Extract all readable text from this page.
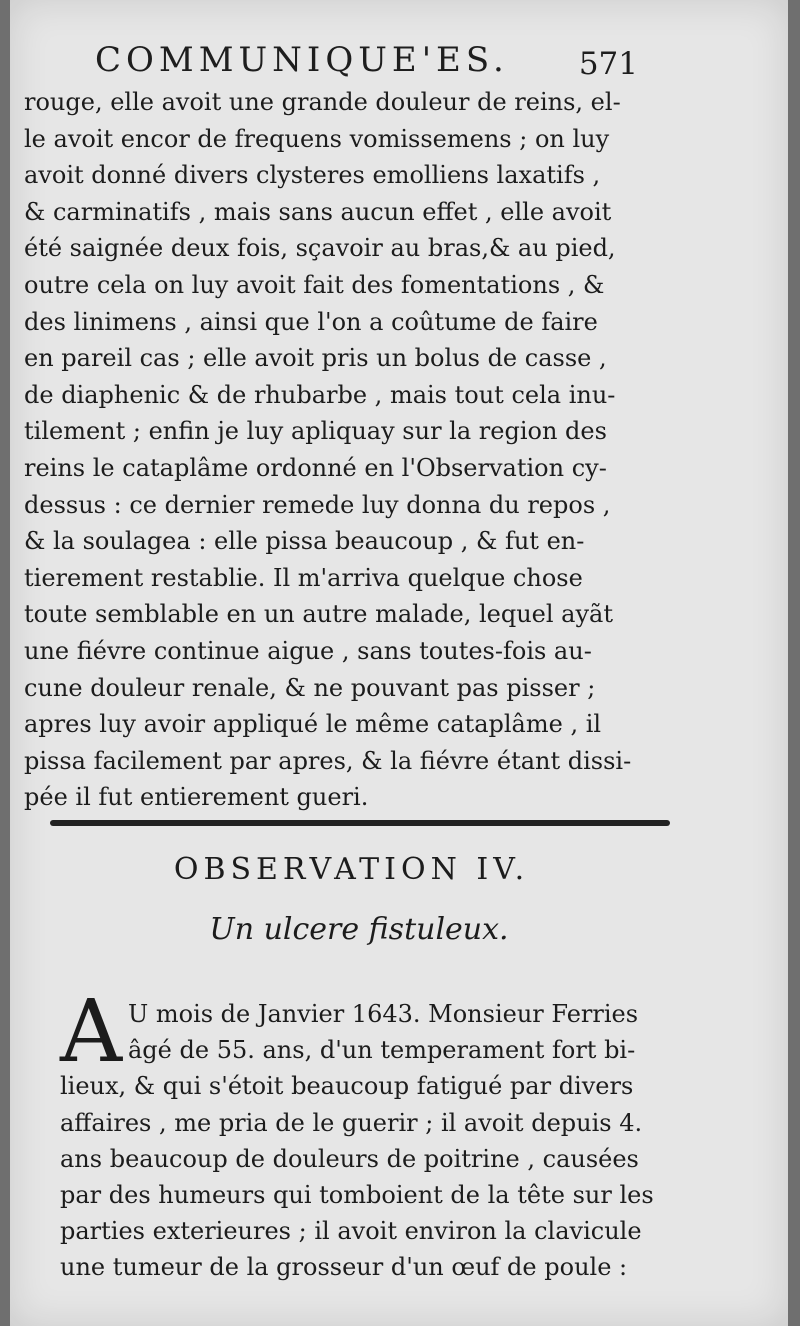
COMMUNIQUE'ES. 571
rouge, elle avoit une grande douleur de reins, el-
le avoit encor de frequens vomissemens ; on luy
avoit donné divers clysteres emolliens laxatifs ,
& carminatifs , mais sans aucun effet , elle avoit
été saignée deux fois, sçavoir au bras,& au pied,
outre cela on luy avoit fait des fomentations , &
des linimens , ainsi que l'on a coûtume de faire
en pareil cas ; elle avoit pris un bolus de casse ,
de diaphenic & de rhubarbe , mais tout cela inu-
tilement ; enfin je luy apliquay sur la region des
reins le cataplâme ordonné en l'Observation cy-
dessus : ce dernier remede luy donna du repos ,
& la soulagea : elle pissa beaucoup , & fut en-
tierement restablie. Il m'arriva quelque chose
toute semblable en un autre malade, lequel ayãt
une fiévre continue aigue , sans toutes-fois au-
cune douleur renale, & ne pouvant pas pisser ;
apres luy avoir appliqué le même cataplâme , il
pissa facilement par apres, & la fiévre étant dissi-
pée il fut entierement gueri.
OBSERVATION IV.
Un ulcere fistuleux.
A U mois de Janvier 1643. Monsieur Ferries
âgé de 55. ans, d'un temperament fort bi-
lieux, & qui s'étoit beaucoup fatigué par divers
affaires , me pria de le guerir ; il avoit depuis 4.
ans beaucoup de douleurs de poitrine , causées
par des humeurs qui tomboient de la tête sur les
parties exterieures ; il avoit environ la clavicule
une tumeur de la grosseur d'un œuf de poule :
